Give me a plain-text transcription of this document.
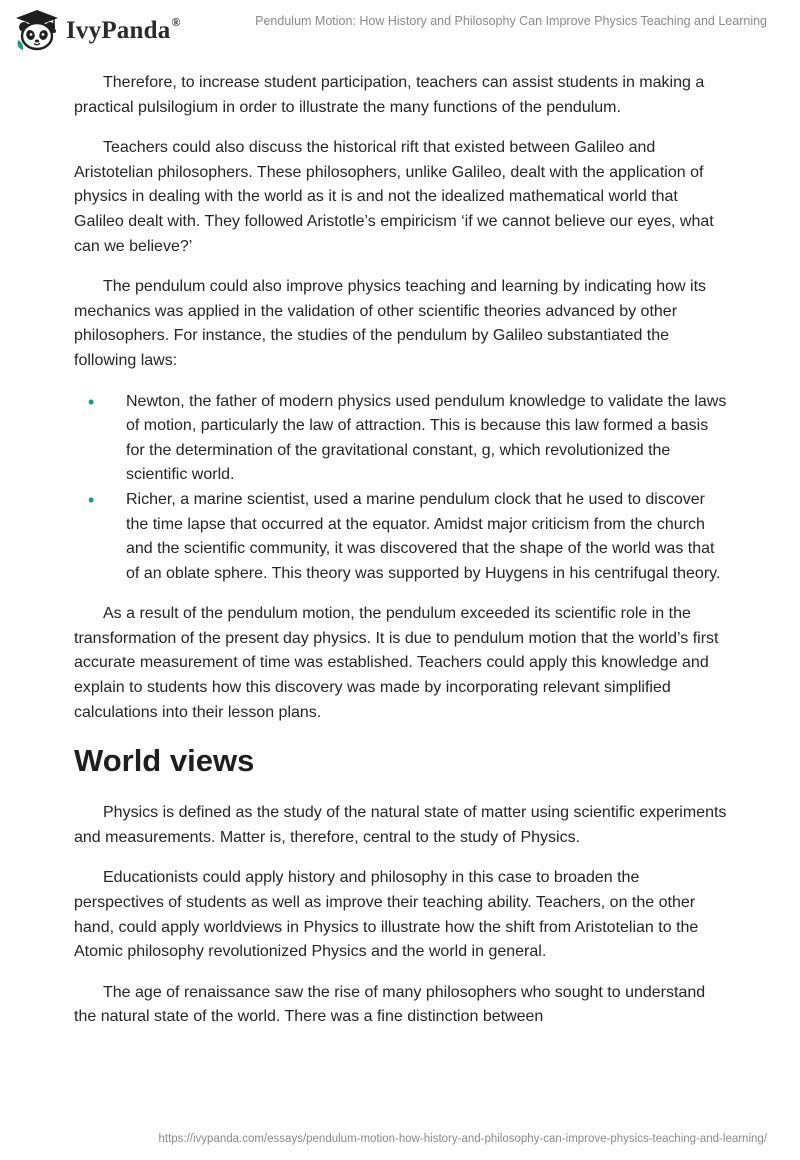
IvyPanda®	Pendulum Motion: How History and Philosophy Can Improve Physics Teaching and Learning

Therefore, to increase student participation, teachers can assist students in making a practical pulsilogium in order to illustrate the many functions of the pendulum.

Teachers could also discuss the historical rift that existed between Galileo and Aristotelian philosophers. These philosophers, unlike Galileo, dealt with the application of physics in dealing with the world as it is and not the idealized mathematical world that Galileo dealt with. They followed Aristotle’s empiricism ‘if we cannot believe our eyes, what can we believe?’

The pendulum could also improve physics teaching and learning by indicating how its mechanics was applied in the validation of other scientific theories advanced by other philosophers. For instance, the studies of the pendulum by Galileo substantiated the following laws:

• Newton, the father of modern physics used pendulum knowledge to validate the laws of motion, particularly the law of attraction. This is because this law formed a basis for the determination of the gravitational constant, g, which revolutionized the scientific world.
• Richer, a marine scientist, used a marine pendulum clock that he used to discover the time lapse that occurred at the equator. Amidst major criticism from the church and the scientific community, it was discovered that the shape of the world was that of an oblate sphere. This theory was supported by Huygens in his centrifugal theory.

As a result of the pendulum motion, the pendulum exceeded its scientific role in the transformation of the present day physics. It is due to pendulum motion that the world’s first accurate measurement of time was established. Teachers could apply this knowledge and explain to students how this discovery was made by incorporating relevant simplified calculations into their lesson plans.

World views

Physics is defined as the study of the natural state of matter using scientific experiments and measurements. Matter is, therefore, central to the study of Physics.

Educationists could apply history and philosophy in this case to broaden the perspectives of students as well as improve their teaching ability. Teachers, on the other hand, could apply worldviews in Physics to illustrate how the shift from Aristotelian to the Atomic philosophy revolutionized Physics and the world in general.

The age of renaissance saw the rise of many philosophers who sought to understand the natural state of the world. There was a fine distinction between

https://ivypanda.com/essays/pendulum-motion-how-history-and-philosophy-can-improve-physics-teaching-and-learning/
